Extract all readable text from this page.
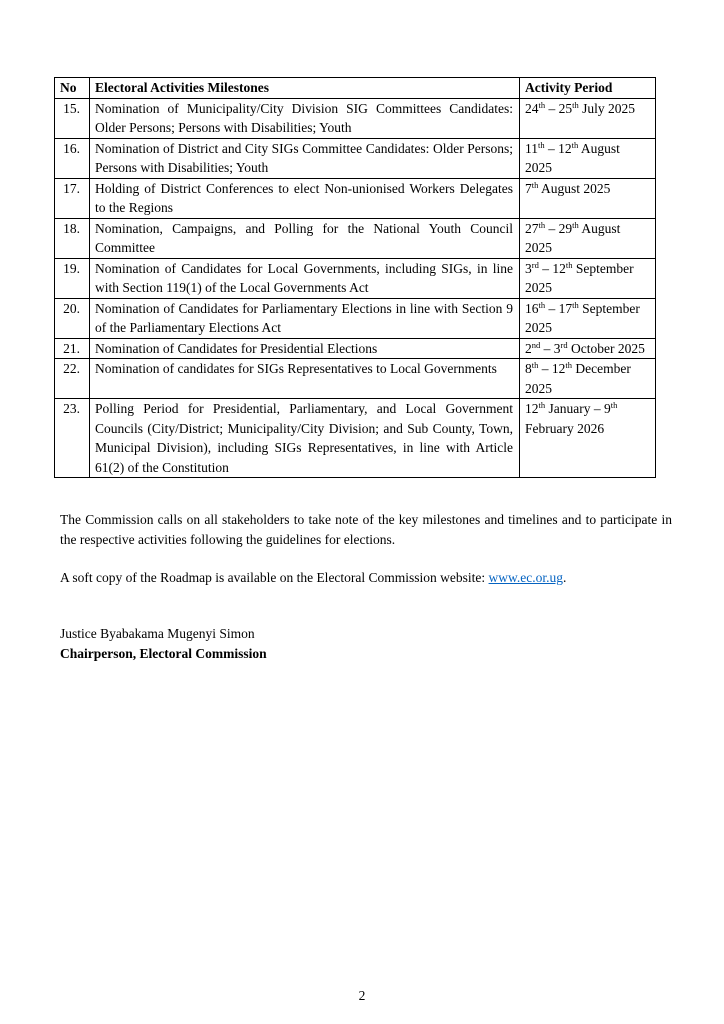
No	Electoral Activities Milestones	Activity Period
15.	Nomination of Municipality/City Division SIG Committees Candidates: Older Persons; Persons with Disabilities; Youth	24th – 25th July 2025
16.	Nomination of District and City SIGs Committee Candidates: Older Persons; Persons with Disabilities; Youth	11th – 12th August 2025
17.	Holding of District Conferences to elect Non-unionised Workers Delegates to the Regions	7th August 2025
18.	Nomination, Campaigns, and Polling for the National Youth Council Committee	27th – 29th August 2025
19.	Nomination of Candidates for Local Governments, including SIGs, in line with Section 119(1) of the Local Governments Act	3rd – 12th September 2025
20.	Nomination of Candidates for Parliamentary Elections in line with Section 9 of the Parliamentary Elections Act	16th – 17th September 2025
21.	Nomination of Candidates for Presidential Elections	2nd – 3rd October 2025
22.	Nomination of candidates for SIGs Representatives to Local Governments	8th – 12th December 2025
23.	Polling Period for Presidential, Parliamentary, and Local Government Councils (City/District; Municipality/City Division; and Sub County, Town, Municipal Division), including SIGs Representatives, in line with Article 61(2) of the Constitution	12th January – 9th February 2026

The Commission calls on all stakeholders to take note of the key milestones and timelines and to participate in the respective activities following the guidelines for elections.

A soft copy of the Roadmap is available on the Electoral Commission website: www.ec.or.ug.

Justice Byabakama Mugenyi Simon
Chairperson, Electoral Commission

2
